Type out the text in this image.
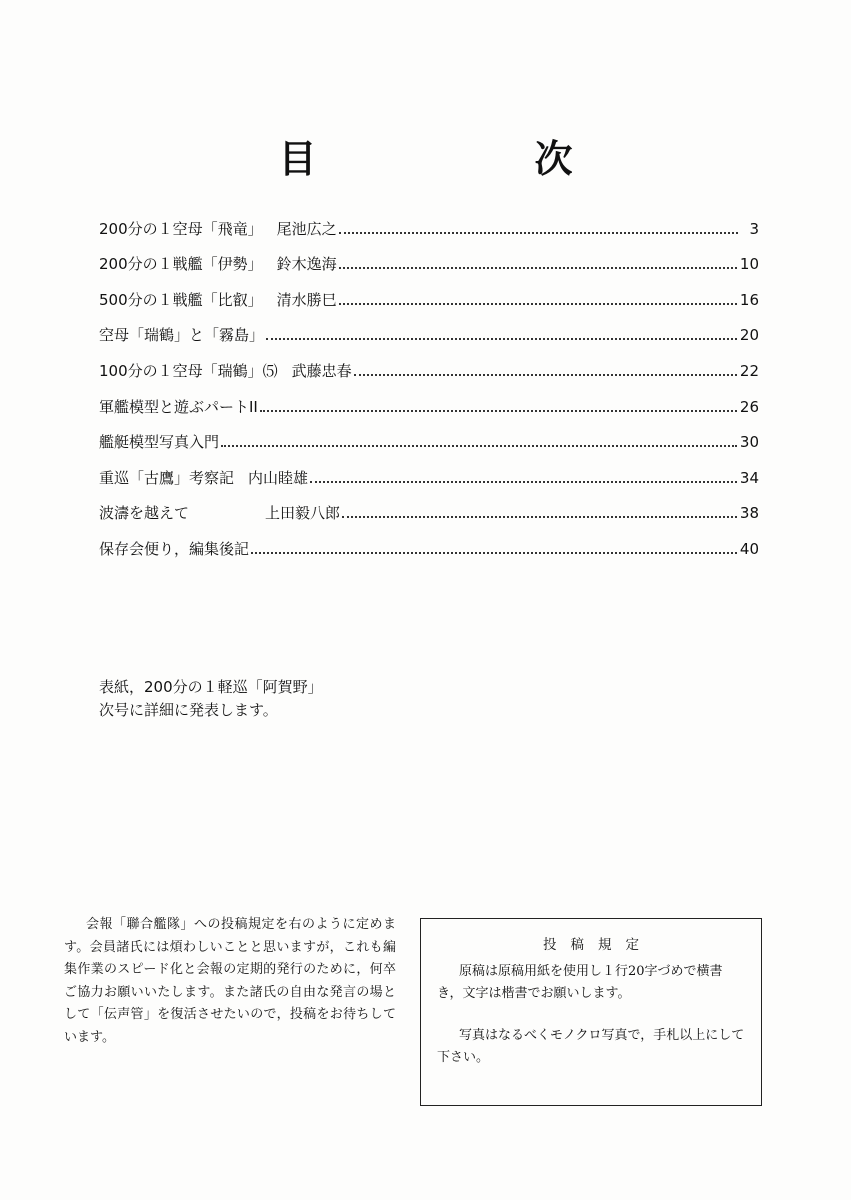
目　次
200分の１空母「飛竜」 尾池広之	3
200分の１戦艦「伊勢」 鈴木逸海	10
500分の１戦艦「比叡」 清水勝巳	16
空母「瑞鶴」と「霧島」	20
100分の１空母「瑞鶴」⑸ 武藤忠春	22
軍艦模型と遊ぶパートII	26
艦艇模型写真入門	30
重巡「古鷹」考察記 内山睦雄	34
波濤を越えて	上田毅八郎	38
保存会便り，編集後記	40

表紙，200分の１軽巡「阿賀野」

次号に詳細に発表します。

会報「聯合艦隊」への投稿規定を右のように定めます。会員諸氏には煩わしいことと思いますが，これも編集作業のスピード化と会報の定期的発行のために，何卒ご協力お願いいたします。また諸氏の自由な発言の場として「伝声管」を復活させたいので，投稿をお待ちしています。

投稿規定

原稿は原稿用紙を使用し１行20字づめで横書き，文字は楷書でお願いします。

写真はなるべくモノクロ写真で，手札以上にして下さい。
